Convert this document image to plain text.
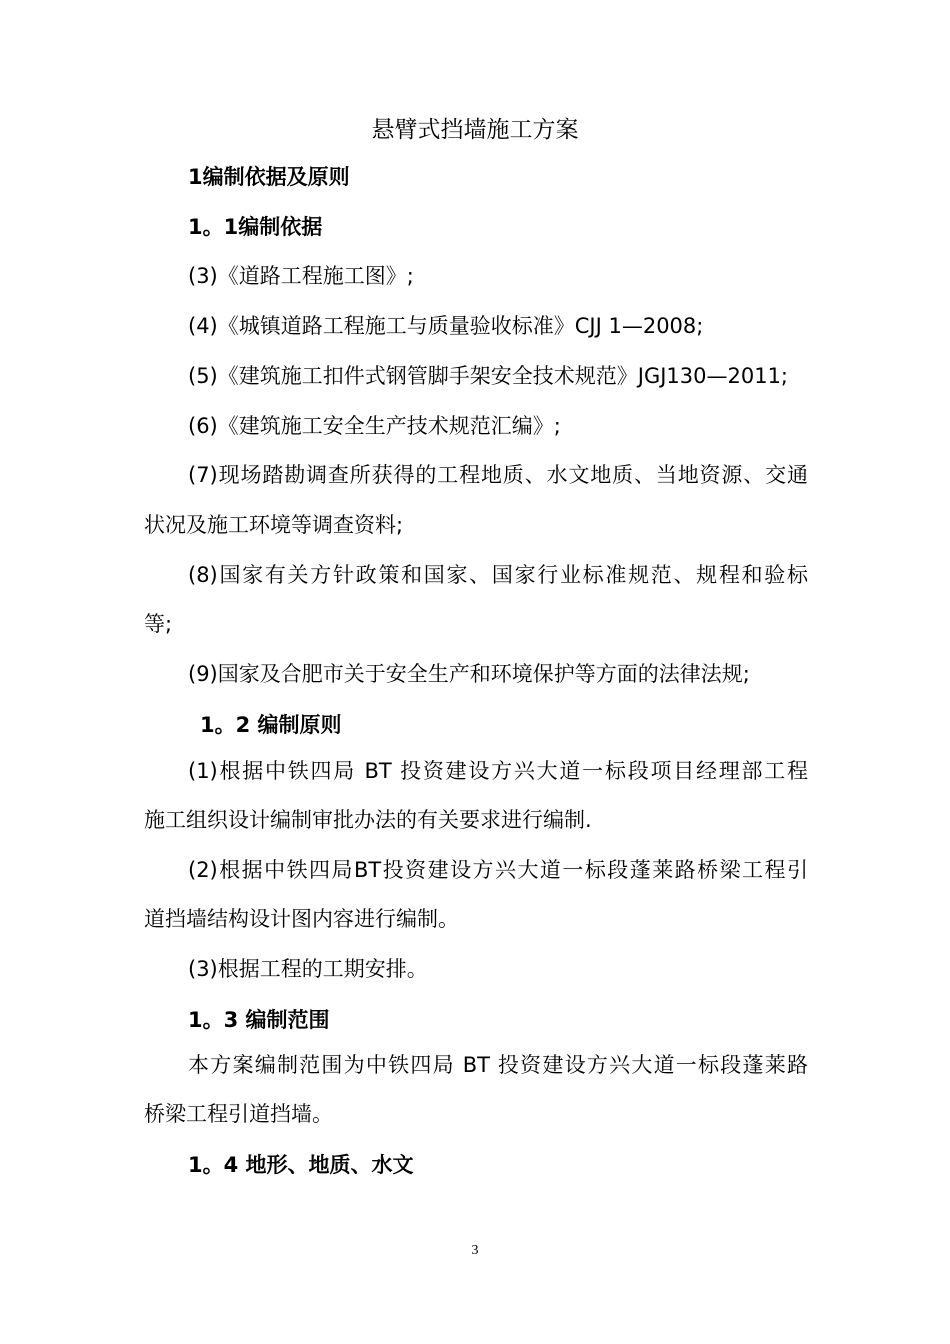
悬臂式挡墙施工方案
1编制依据及原则
1。1编制依据
(3)《道路工程施工图》;
(4)《城镇道路工程施工与质量验收标准》CJJ 1—2008;
(5)《建筑施工扣件式钢管脚手架安全技术规范》JGJ130—2011;
(6)《建筑施工安全生产技术规范汇编》;
(7)现场踏勘调查所获得的工程地质、水文地质、当地资源、交通
状况及施工环境等调查资料;
(8)国家有关方针政策和国家、国家行业标准规范、规程和验标
等;
(9)国家及合肥市关于安全生产和环境保护等方面的法律法规;
1。2 编制原则
(1)根据中铁四局 BT 投资建设方兴大道一标段项目经理部工程
施工组织设计编制审批办法的有关要求进行编制.
(2)根据中铁四局BT投资建设方兴大道一标段蓬莱路桥梁工程引
道挡墙结构设计图内容进行编制。
(3)根据工程的工期安排。
1。3 编制范围
本方案编制范围为中铁四局 BT 投资建设方兴大道一标段蓬莱路
桥梁工程引道挡墙。
1。4 地形、地质、水文
3
